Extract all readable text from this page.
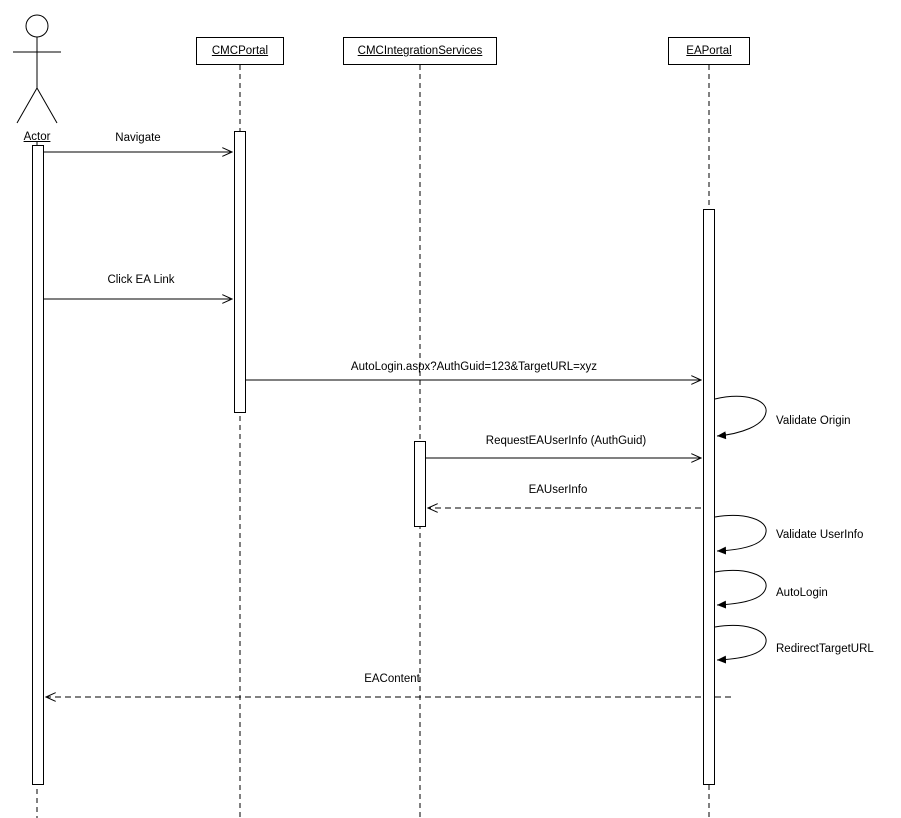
Actor
CMCPortal	CMCIntegrationServices	EAPortal
Navigate
Click EA Link
AutoLogin.aspx?AuthGuid=123&TargetURL=xyz
RequestEAUserInfo (AuthGuid)
EAUserInfo
EAContent
Validate Origin
Validate UserInfo
AutoLogin
RedirectTargetURL
